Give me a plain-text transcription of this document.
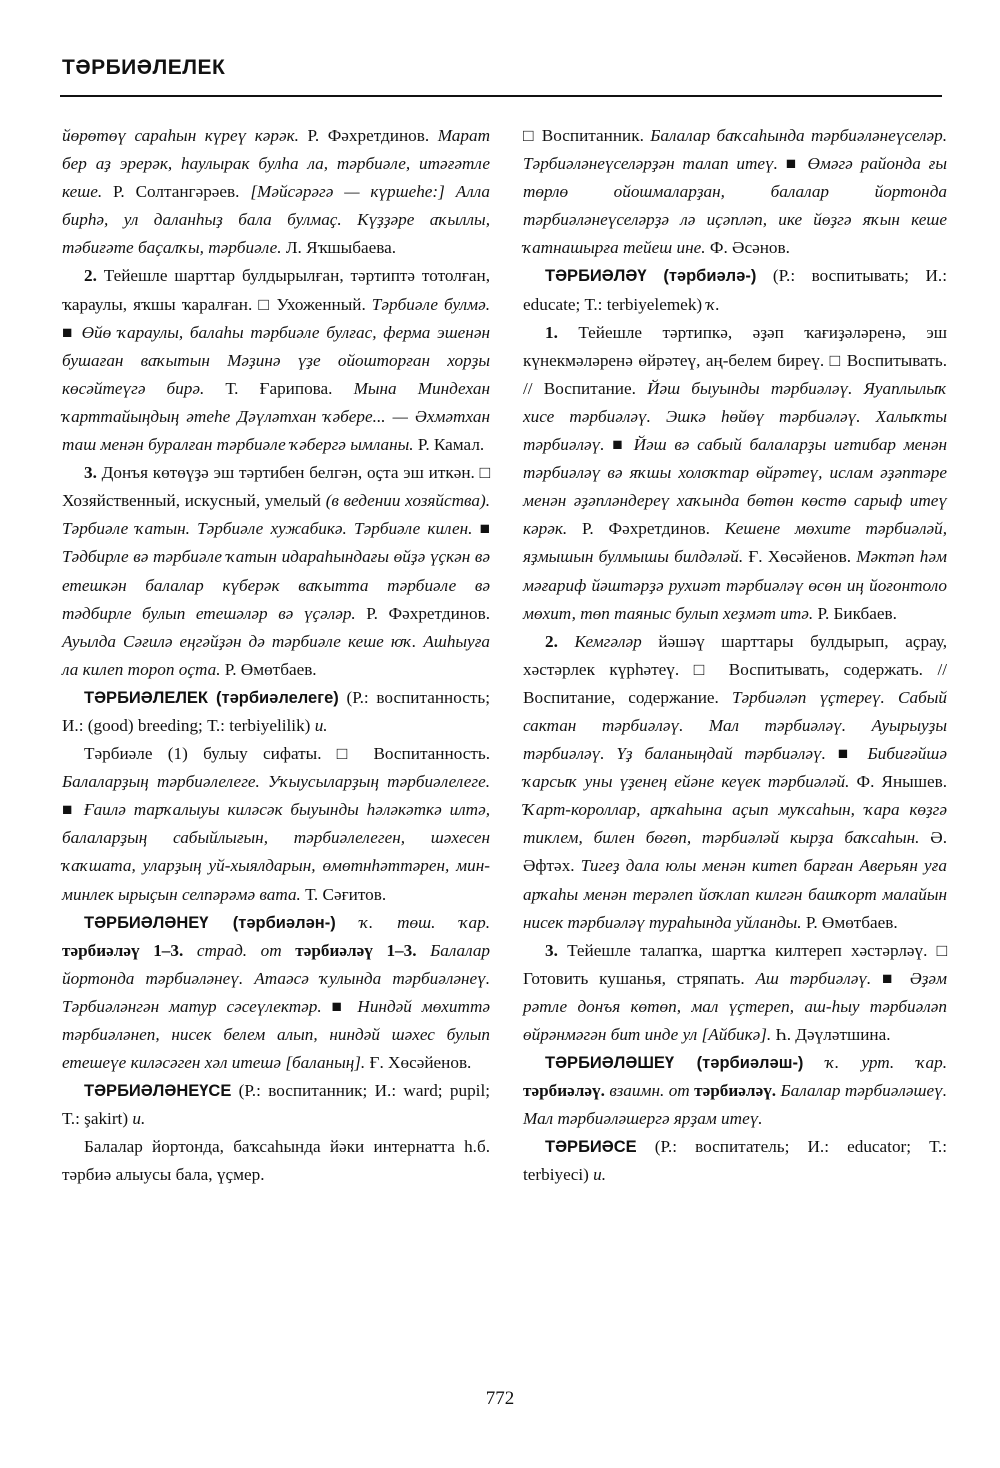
ТӘРБИӘЛЕЛЕК

йөрөтөү сараһын күреү кәрәк. Р. Фәхретдинов. Марат бер аҙ эрерәк, һаулырак булһа ла, тәрбиәле, итәғәтле кеше. Р. Солтангәрәев. [Мәйсәрәгә — күршеһе:] Алла бирһә, ул даланһыҙ бала булмаҫ. Күҙҙәре аҡыллы, тәбиғәте баҫалҡы, тәрбиәле. Л. Яҡшыбаева.

2. Тейешле шарттар булдырылған, тәртиптә тотолған, ҡараулы, яҡшы ҡаралған. □ Ухоженный. Тәрбиәле булмә. ■ Өйө ҡараулы, балаһы тәрбиәле булғас, ферма эшенән бушаған ваҡытын Мәҙинә үҙе ойошторған хорҙы көсәйтеүгә бирә. Т. Ғарипова. Мына Миндехан ҡарттайыңдың әтеһе Дәүләтхан ҡәбере... — Әхмәтхан таш менән буралған тәрбиәле ҡәбергә ымланы. Р. Камал.

3. Донъя көтөүҙә эш тәртибен белгән, оҫта эш иткән. □ Хозяйственный, искусный, умелый (в ведении хозяйства). Тәрбиәле ҡатын. Тәрбиәле хужабикә. Тәрбиәле килен. ■ Тәдбирле вә тәрбиәле ҡатын идараһындағы өйҙә үҫкән вә етешкән балалар күберәк ваҡытта тәрбиәле вә тәдбирле булып етешәләр вә үҫәләр. Р. Фәхретдинов. Ауылда Сәғилә еңгәйҙән дә тәрбиәле кеше юҡ. Ашһыуға ла килеп тороп оҫта. Р. Өмөтбаев.

ТӘРБИӘЛЕЛЕК (тәрбиәлелеге) (Р.: воспитанность; И.: (good) breeding; Т.: terbiyelilik) и.

Тәрбиәле (1) булыу сифаты. □ Воспитанность. Балаларҙың тәрбиәлелеге. Уҡыусыларҙың тәрбиәлелеге. ■ Ғаилә тарҡалыуы киләсәк быуынды һәләкәткә илтә, балаларҙың сабыйлығын, тәрбиәлелеген, шәхесен ҡаҡшата, уларҙың уй-хыялдарын, өмөтнһәттәрен, мин-минлек ырыҫын селпәрәмә вата. Т. Сәғитов.

ТӘРБИӘЛӘНЕҮ (тәрбиәлән-) ҡ. төш. ҡар. тәрбиәләү 1–3. страд. от тәрбиәләү 1–3. Балалар йортонда тәрбиәләнеү. Атаәсә ҡулында тәрбиәләнеү. Тәрбиәләнгән матур сәсеүлектәр. ■ Ниндәй мөхиттә тәрбиәләнеп, нисек белем алып, ниндәй шәхес булып етешеүе киләсәген хәл итешә [баланың]. Ғ. Хөсәйенов.

ТӘРБИӘЛӘНЕҮСЕ (Р.: воспитанник; И.: ward; pupil; Т.: şakirt) и.

Балалар йортонда, баҡсаһында йәки интернатта һ.б. тәрбиә алыусы бала, үҫмер.

□ Воспитанник. Балалар баҡсаһында тәрбиәләнеүселәр. Тәрбиәләнеүселәрҙән талап итеү. ■ Өмәгә районда ғы төрлө ойошмаларҙан, балалар йортонда тәрбиәләнеүселәрҙә лә иҫәпләп, ике йөҙгә яҡын кеше ҡатнашырға тейеш ине. Ф. Әсәнов.

ТӘРБИӘЛӘҮ (тәрбиәлә-) (Р.: воспитывать; И.: educate; Т.: terbiyelemek) ҡ.

1. Тейешле тәртипкә, әҙәп ҡағиҙәләренә, эш күнекмәләренә өйрәтеү, аң-белем биреү. □ Воспитывать. // Воспитание. Йәш быуынды тәрбиәләү. Яуаплылыҡ хисе тәрбиәләү. Эшкә һөйөү тәрбиәләү. Халыҡты тәрбиәләү. ■ Йәш вә сабый балаларҙы иғтибар менән тәрбиәләү вә яҡшы холоҡтар өйрәтеү, ислам әҙәптәре менән әҙәпләндереү хаҡында бөтөн көстө сарыф итеү кәрәк. Р. Фәхретдинов. Кешене мөхите тәрбиәләй, яҙмышын булмышы билдәләй. Ғ. Хөсәйенов. Мәктәп һәм мәғариф йәштәрҙә рухиәт тәрбиәләү өсөн иң йоғонтоло мөхит, төп таяныс булып хеҙмәт итә. Р. Бикбаев.

2. Кемгәләр йәшәү шарттары булдырып, аҫрау, хәстәрлек күрһәтеү. □ Воспитывать, содержать. // Воспитание, содержание. Тәрбиәләп үҫтереү. Сабый сактан тәрбиәләү. Мал тәрбиәләү. Ауырыуҙы тәрбиәләү. Үҙ баланыңдай тәрбиәләү. ■ Бибиғәйшә ҡарсыҡ уны үҙенең ейәне кеүек тәрбиәләй. Ф. Янышев. Ҡарт-короллар, арҡаһына аҫып муҡсаһын, ҡара көҙгә тиклем, билен бөгөп, тәрбиәләй кырҙа баҡсаһын. Ә. Әфтәх. Тигеҙ дала юлы менән китеп барған Аверьян уға арҡаһы менән терәлеп йоҡлап килгән башҡорт малайын нисек тәрбиәләү тураһында уйланды. Р. Өмөтбаев.

3. Тейешле талапҡа, шартҡа килтереп хәстәрләү. □ Готовить кушанья, стряпать. Аш тәрбиәләү. ■ Әҙәм рәтле донъя көтөп, мал үҫтереп, аш-һыу тәрбиәләп өйрәнмәгән бит инде ул [Айбикә]. Һ. Дәүләтшина.

ТӘРБИӘЛӘШЕҮ (тәрбиәләш-) ҡ. урт. ҡар. тәрбиәләү. взаимн. от тәрбиәләү. Балалар тәрбиәләшеү. Мал тәрбиәләшергә ярҙам итеү.

ТӘРБИӘСЕ (Р.: воспитатель; И.: educator; Т.: terbiyeci) и.

772
